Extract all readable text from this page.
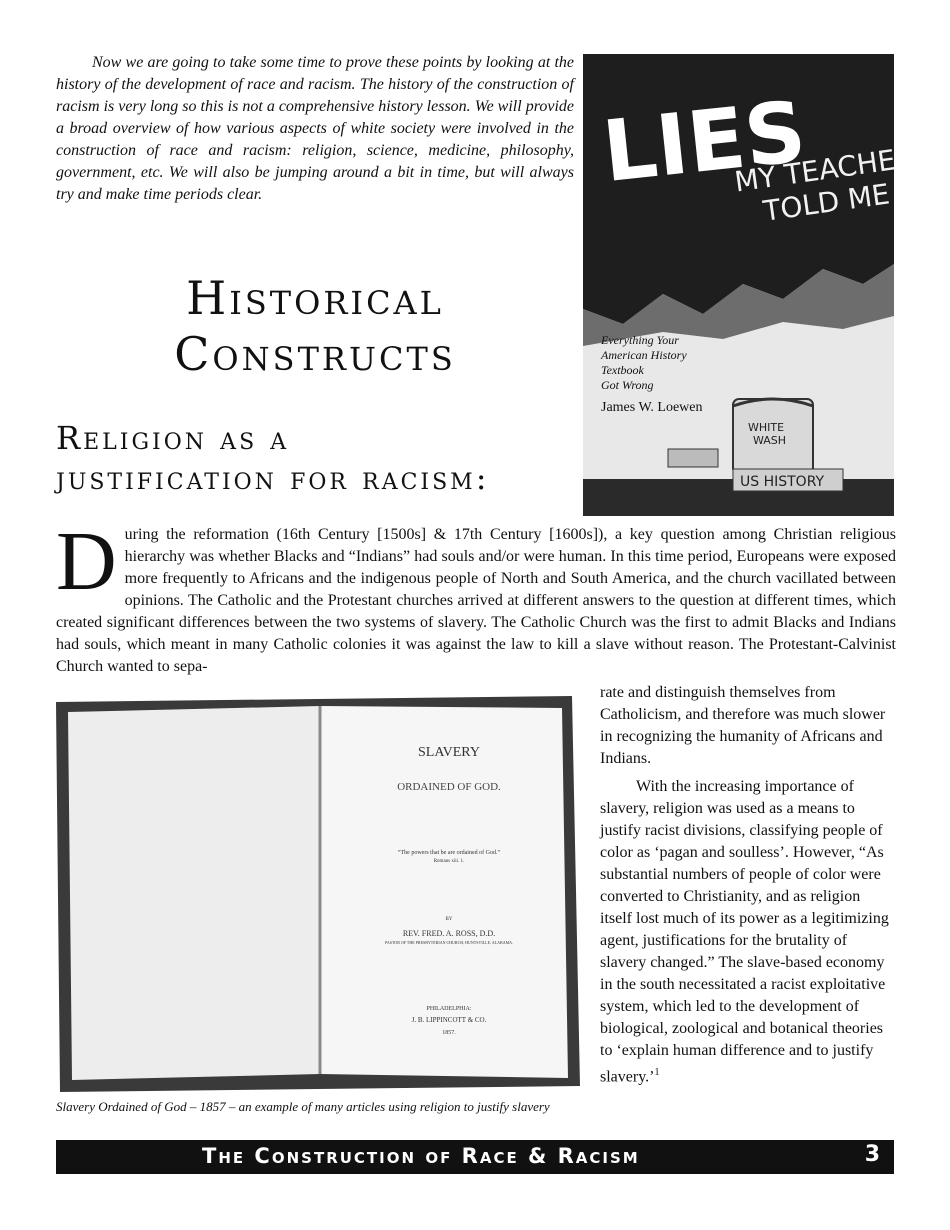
Now we are going to take some time to prove these points by looking at the history of the development of race and racism. The history of the construction of racism is very long so this is not a comprehensive history lesson. We will provide a broad overview of how various aspects of white society were involved in the construction of race and racism: religion, science, medicine, philosophy, government, etc. We will also be jumping around a bit in time, but will always try and make time periods clear.

Historical
Constructs
Religion as a
justification for racism:
LIES
MY TEACHER
TOLD ME
Everything Your
American History
Textbook
Got Wrong
James W. Loewen
WHITE
WASH
US HISTORY
During the reformation (16th Century [1500s] & 17th Century [1600s]), a key question among Christian religious hierarchy was whether Blacks and “Indians” had souls and/or were human. In this time period, Europeans were exposed more frequently to Africans and the indigenous people of North and South America, and the church vacillated between opinions. The Catholic and the Protestant churches arrived at different answers to the question at different times, which created significant differences between the two systems of slavery. The Catholic Church was the first to admit Blacks and Indians had souls, which meant in many Catholic colonies it was against the law to kill a slave without reason. The Protestant-Calvinist Church wanted to sepa-
SLAVERY
ORDAINED OF GOD.
“The powers that be are ordained of God.”
Romans xiii. 1.
BY
REV. FRED. A. ROSS, D.D.
PASTOR OF THE PRESBYTERIAN CHURCH, HUNTSVILLE, ALABAMA.
PHILADELPHIA:
J. B. LIPPINCOTT & CO.
1857.

Slavery Ordained of God – 1857 – an example of many articles using religion to justify slavery

rate and distinguish themselves from Catholicism, and therefore was much slower in recognizing the humanity of Africans and Indians.

With the increasing importance of slavery, religion was used as a means to justify racist divisions, classifying people of color as ‘pagan and soulless’. However, “As substantial numbers of people of color were converted to Christianity, and as religion itself lost much of its power as a legitimizing agent, justifications for the brutality of slavery changed.” The slave-based economy in the south necessitated a racist exploitative system, which led to the development of biological, zoological and botanical theories to ‘explain human difference and to justify slavery.’$^1$

The Construction of Race & Racism	3
